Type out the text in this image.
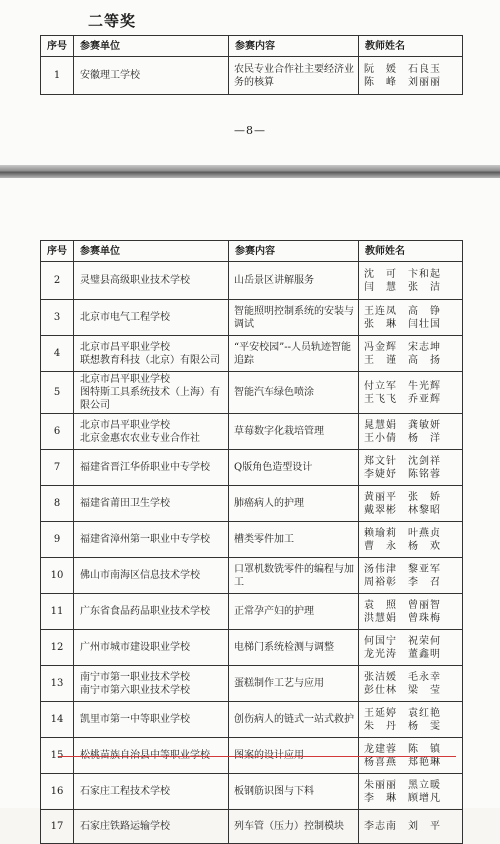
二等奖
序号	参赛单位	参赛内容	教师姓名
1	安徽理工学校	农民专业合作社主要经济业务的核算	阮　媛　石良玉
陈　峰　刘丽丽
—8—
序号	参赛单位	参赛内容	教师姓名
2	灵璧县高级职业技术学校	山岳景区讲解服务	沈　可　卞和起
闫　慧　张　洁
3	北京市电气工程学校	智能照明控制系统的安装与调试	王连凤　高　铮
张　琳　闫壮国
4	北京市昌平职业学校
联想教育科技（北京）有限公司	“平安校园”--人员轨迹智能追踪	冯金辉　宋志坤
王　谨　高　扬
5	北京市昌平职业学校
图特斯工具系统技术（上海）有限公司	智能汽车绿色喷涂	付立军　牛光辉
王飞飞　乔亚辉
6	北京市昌平职业学校
北京金惠农农业专业合作社	草莓数字化栽培管理	晁慧娟　龚敏妍
王小倩　杨　洋
7	福建省晋江华侨职业中专学校	Q版角色造型设计	郑文针　沈剑祥
李婕妤　陈铭蓉
8	福建省莆田卫生学校	肺癌病人的护理	黄丽平　张　娇
戴翠彬　林黎昭
9	福建省漳州第一职业中专学校	槽类零件加工	赖瑜莉　叶燕贞
曹　永　杨　欢
10	佛山市南海区信息技术学校	口罩机数铣零件的编程与加工	汤伟津　黎亚军
周裕彰　李　召
11	广东省食品药品职业技术学校	正常孕产妇的护理	袁　照　曾丽智
洪慧娟　曾珠梅
12	广州市城市建设职业学校	电梯门系统检测与调整	何国宁　祝荣何
龙光涛　董鑫明
13	南宁市第一职业技术学校
南宁市第六职业技术学校	蛋糕制作工艺与应用	张洁媛　毛永幸
彭仕林　梁　莹
14	凯里市第一中等职业学校	创伤病人的链式一站式救护	王延婷　袁红艳
朱　丹　杨　雯
15	松桃苗族自治县中等职业学校	图案的设计应用	龙建蓉　陈　镇
杨喜燕　郑艳琳
16	石家庄工程技术学校	板钢筋识图与下料	朱丽丽　黑立暖
李　琳　顾增凡
17	石家庄铁路运输学校	列车管（压力）控制模块	李志南　刘　平
